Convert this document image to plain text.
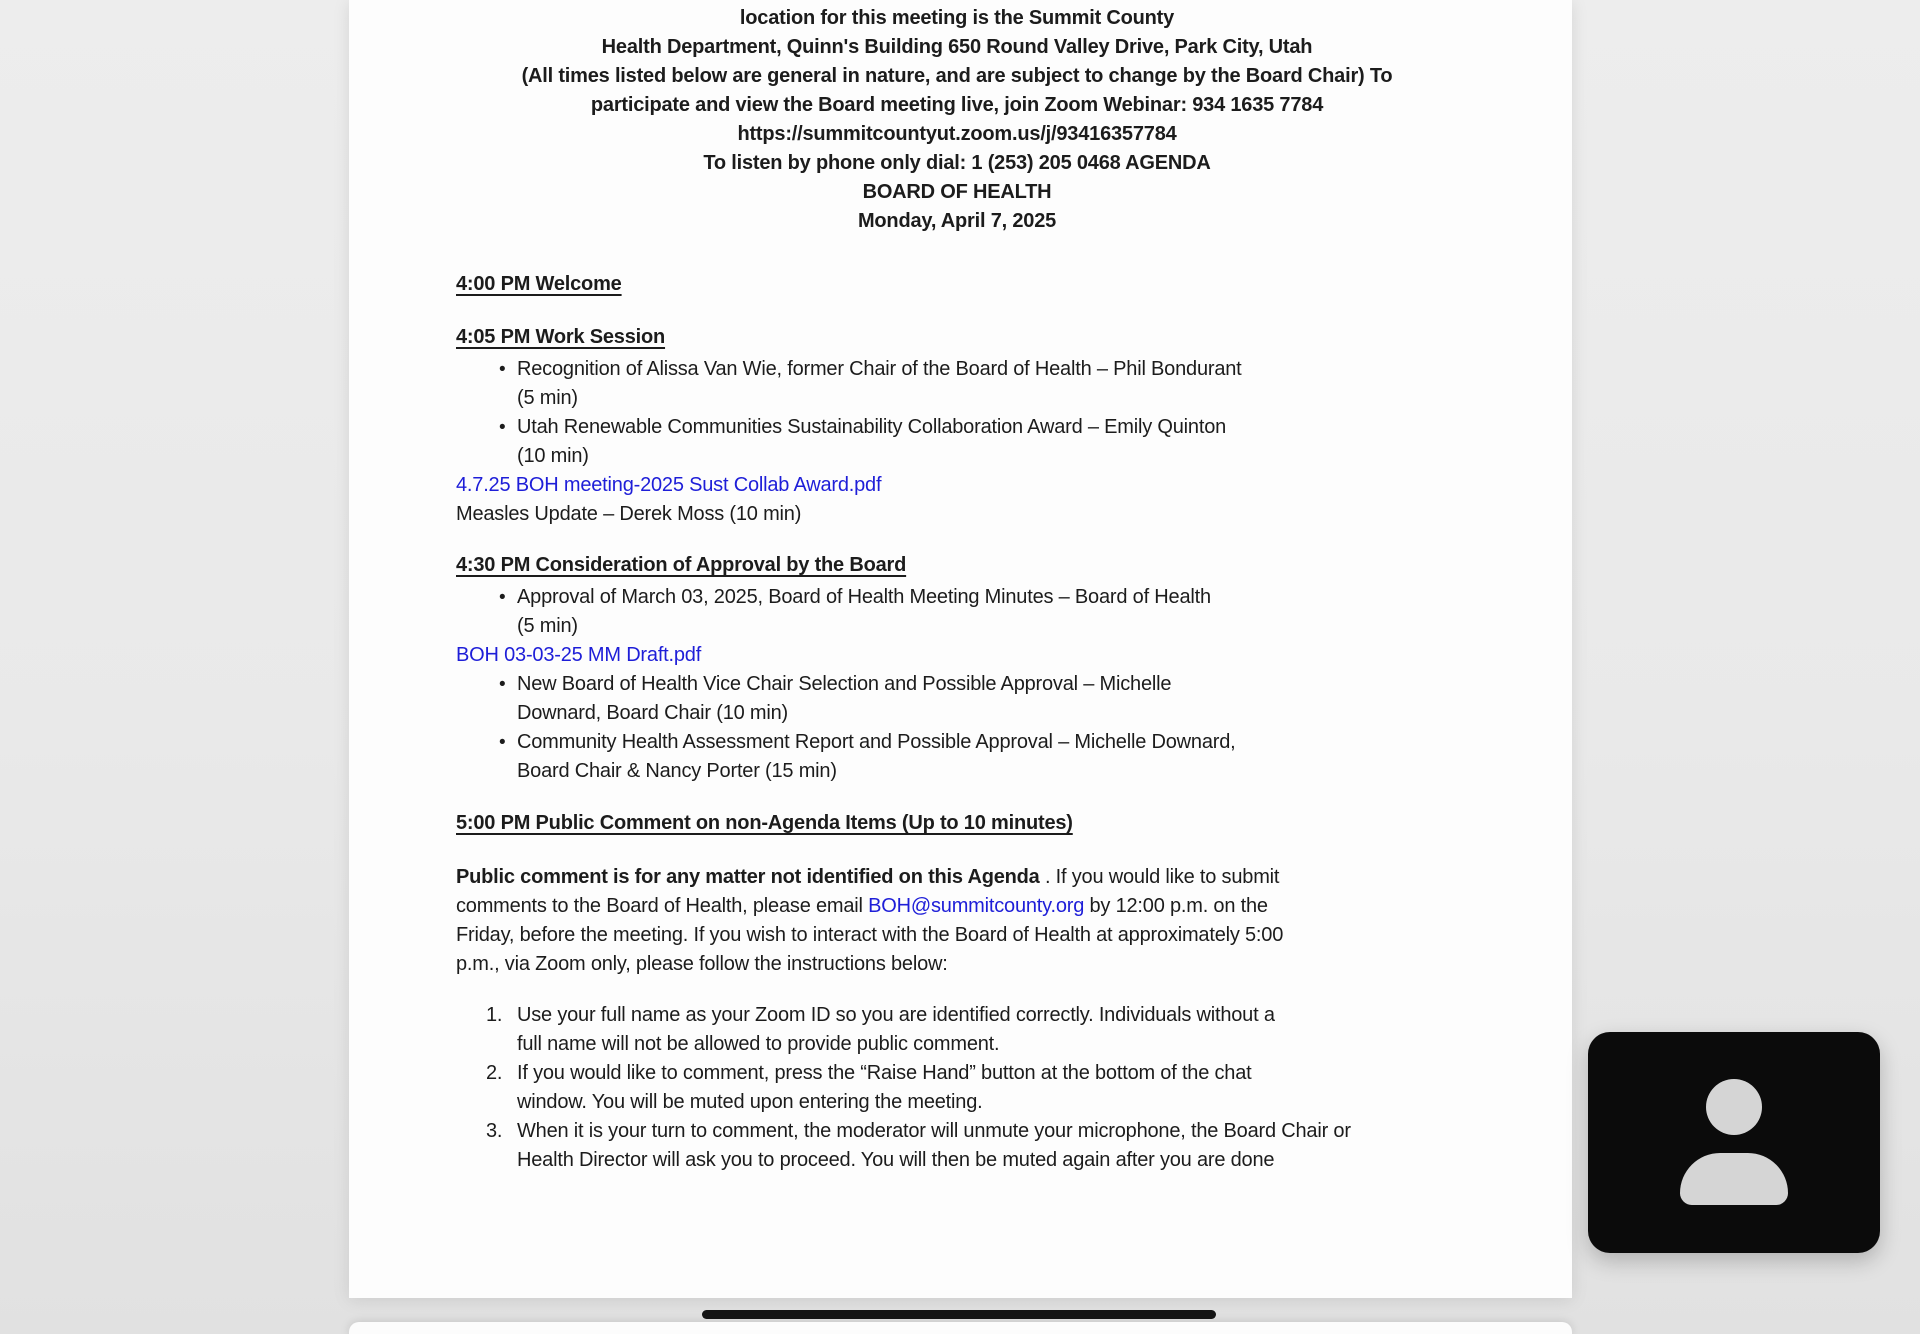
location for this meeting is the Summit County
Health Department, Quinn's Building 650 Round Valley Drive, Park City, Utah
(All times listed below are general in nature, and are subject to change by the Board Chair) To
participate and view the Board meeting live, join Zoom Webinar: 934 1635 7784
https://summitcountyut.zoom.us/j/93416357784
To listen by phone only dial: 1 (253) 205 0468 AGENDA
BOARD OF HEALTH
Monday, April 7, 2025
4:00 PM Welcome
4:05 PM Work Session
•
Recognition of Alissa Van Wie, former Chair of the Board of Health – Phil Bondurant
(5 min)
•
Utah Renewable Communities Sustainability Collaboration Award – Emily Quinton
(10 min)
4.7.25 BOH meeting-2025 Sust Collab Award.pdf
Measles Update – Derek Moss (10 min)
4:30 PM Consideration of Approval by the Board
•
Approval of March 03, 2025, Board of Health Meeting Minutes – Board of Health
(5 min)
BOH 03-03-25 MM Draft.pdf
•
New Board of Health Vice Chair Selection and Possible Approval – Michelle
Downard, Board Chair (10 min)
•
Community Health Assessment Report and Possible Approval – Michelle Downard,
Board Chair & Nancy Porter (15 min)
5:00 PM Public Comment on non-Agenda Items (Up to 10 minutes)
Public comment is for any matter not identified on this Agenda . If you would like to submit
comments to the Board of Health, please email BOH@summitcounty.org by 12:00 p.m. on the
Friday, before the meeting. If you wish to interact with the Board of Health at approximately 5:00
p.m., via Zoom only, please follow the instructions below:
1. Use your full name as your Zoom ID so you are identified correctly. Individuals without a
full name will not be allowed to provide public comment.
2. If you would like to comment, press the “Raise Hand” button at the bottom of the chat
window. You will be muted upon entering the meeting.
3. When it is your turn to comment, the moderator will unmute your microphone, the Board Chair or
Health Director will ask you to proceed. You will then be muted again after you are done
